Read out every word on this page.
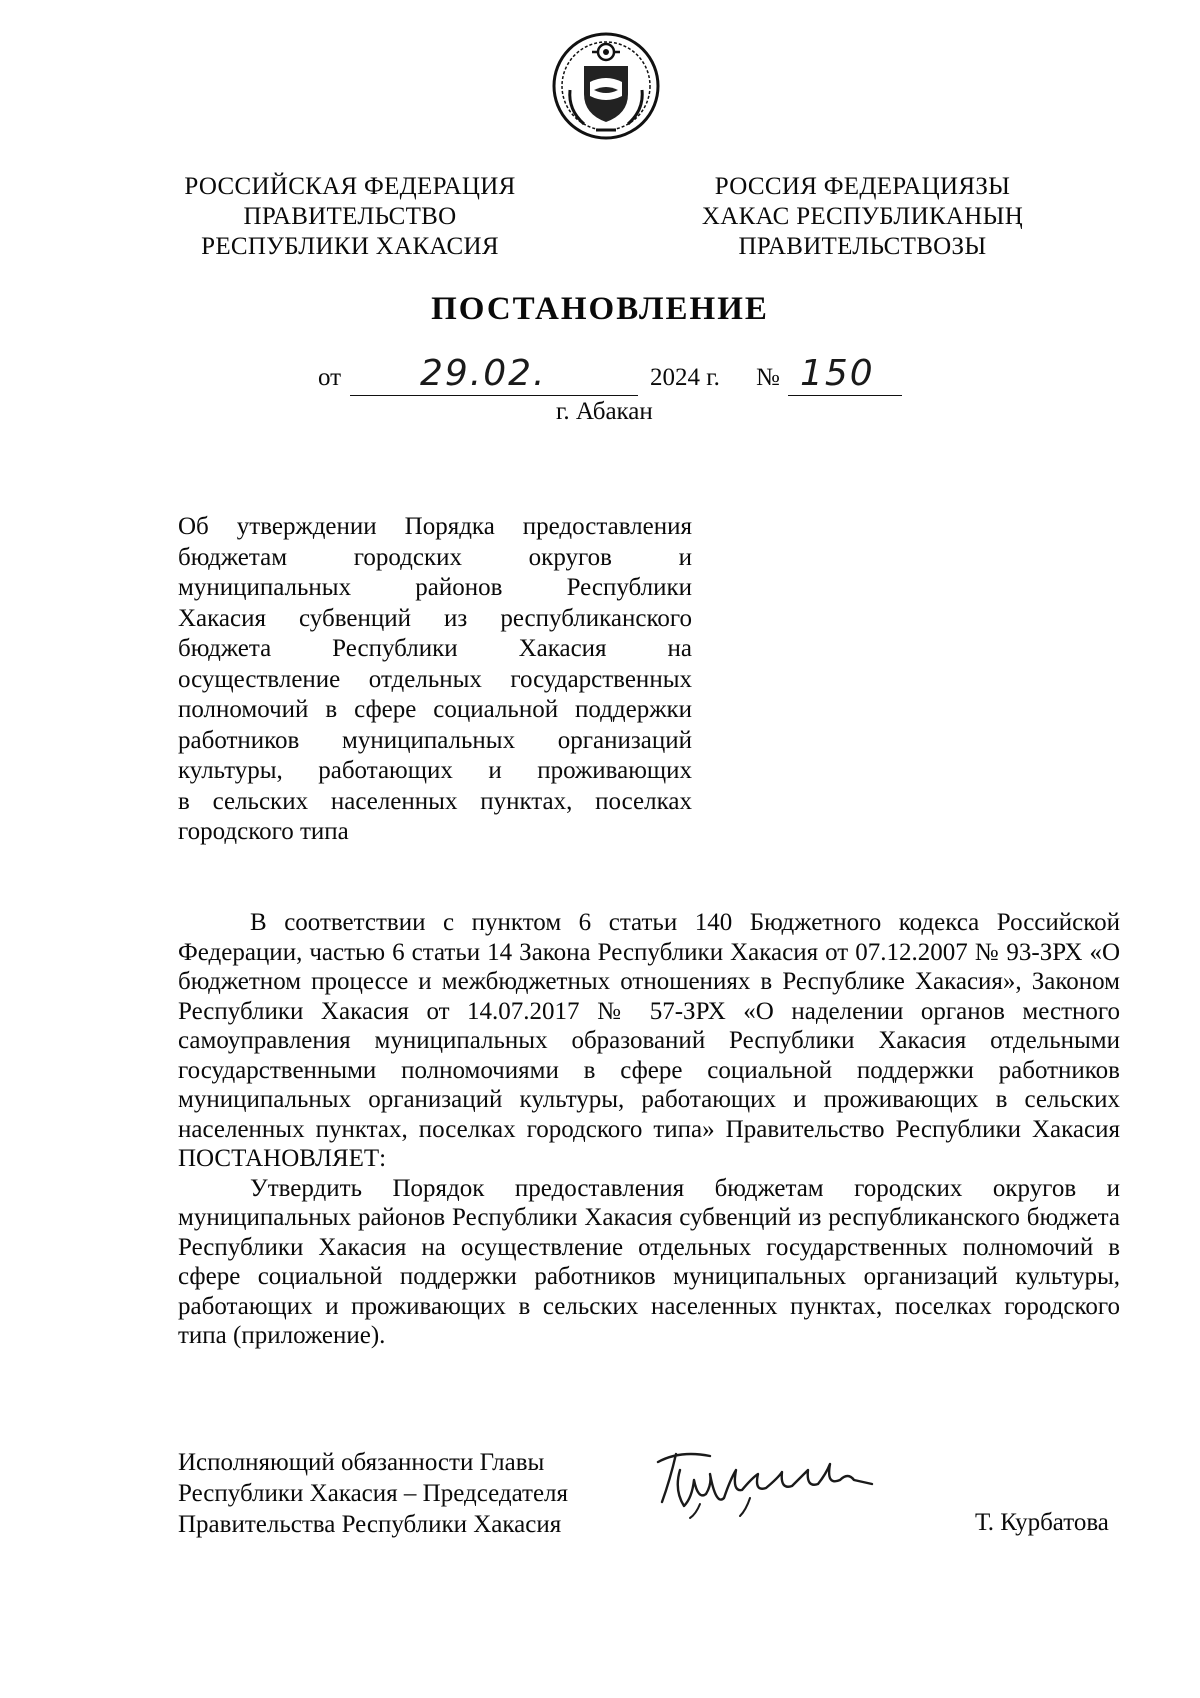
РОССИЙСКАЯ ФЕДЕРАЦИЯ
ПРАВИТЕЛЬСТВО
РЕСПУБЛИКИ ХАКАСИЯ
РОССИЯ ФЕДЕРАЦИЯЗЫ
ХАКАС РЕСПУБЛИКАНЫҢ
ПРАВИТЕЛЬСТВОЗЫ
ПОСТАНОВЛЕНИЕ
от 29.02.	2024 г. № 150
г. Абакан
Об утверждении Порядка предоставления
бюджетам городских округов и
муниципальных районов Республики
Хакасия субвенций из республиканского
бюджета Республики Хакасия на
осуществление отдельных государственных
полномочий в сфере социальной поддержки
работников муниципальных организаций
культуры, работающих и проживающих
в сельских населенных пунктах, поселках
городского типа

В соответствии с пунктом 6 статьи 140 Бюджетного кодекса Российской Федерации, частью 6 статьи 14 Закона Республики Хакасия от 07.12.2007 № 93-ЗРХ «О бюджетном процессе и межбюджетных отношениях в Республике Хакасия», Законом Республики Хакасия от 14.07.2017 № 57-ЗРХ «О наделении органов местного самоуправления муниципальных образований Республики Хакасия отдельными государственными полномочиями в сфере социальной поддержки работников муниципальных организаций культуры, работающих и проживающих в сельских населенных пунктах, поселках городского типа» Правительство Республики Хакасия ПОСТАНОВЛЯЕТ:

Утвердить Порядок предоставления бюджетам городских округов и муниципальных районов Республики Хакасия субвенций из республиканского бюджета Республики Хакасия на осуществление отдельных государственных полномочий в сфере социальной поддержки работников муниципальных организаций культуры, работающих и проживающих в сельских населенных пунктах, поселках городского типа (приложение).

Исполняющий обязанности Главы
Республики Хакасия – Председателя
Правительства Республики Хакасия	Т. Курбатова
